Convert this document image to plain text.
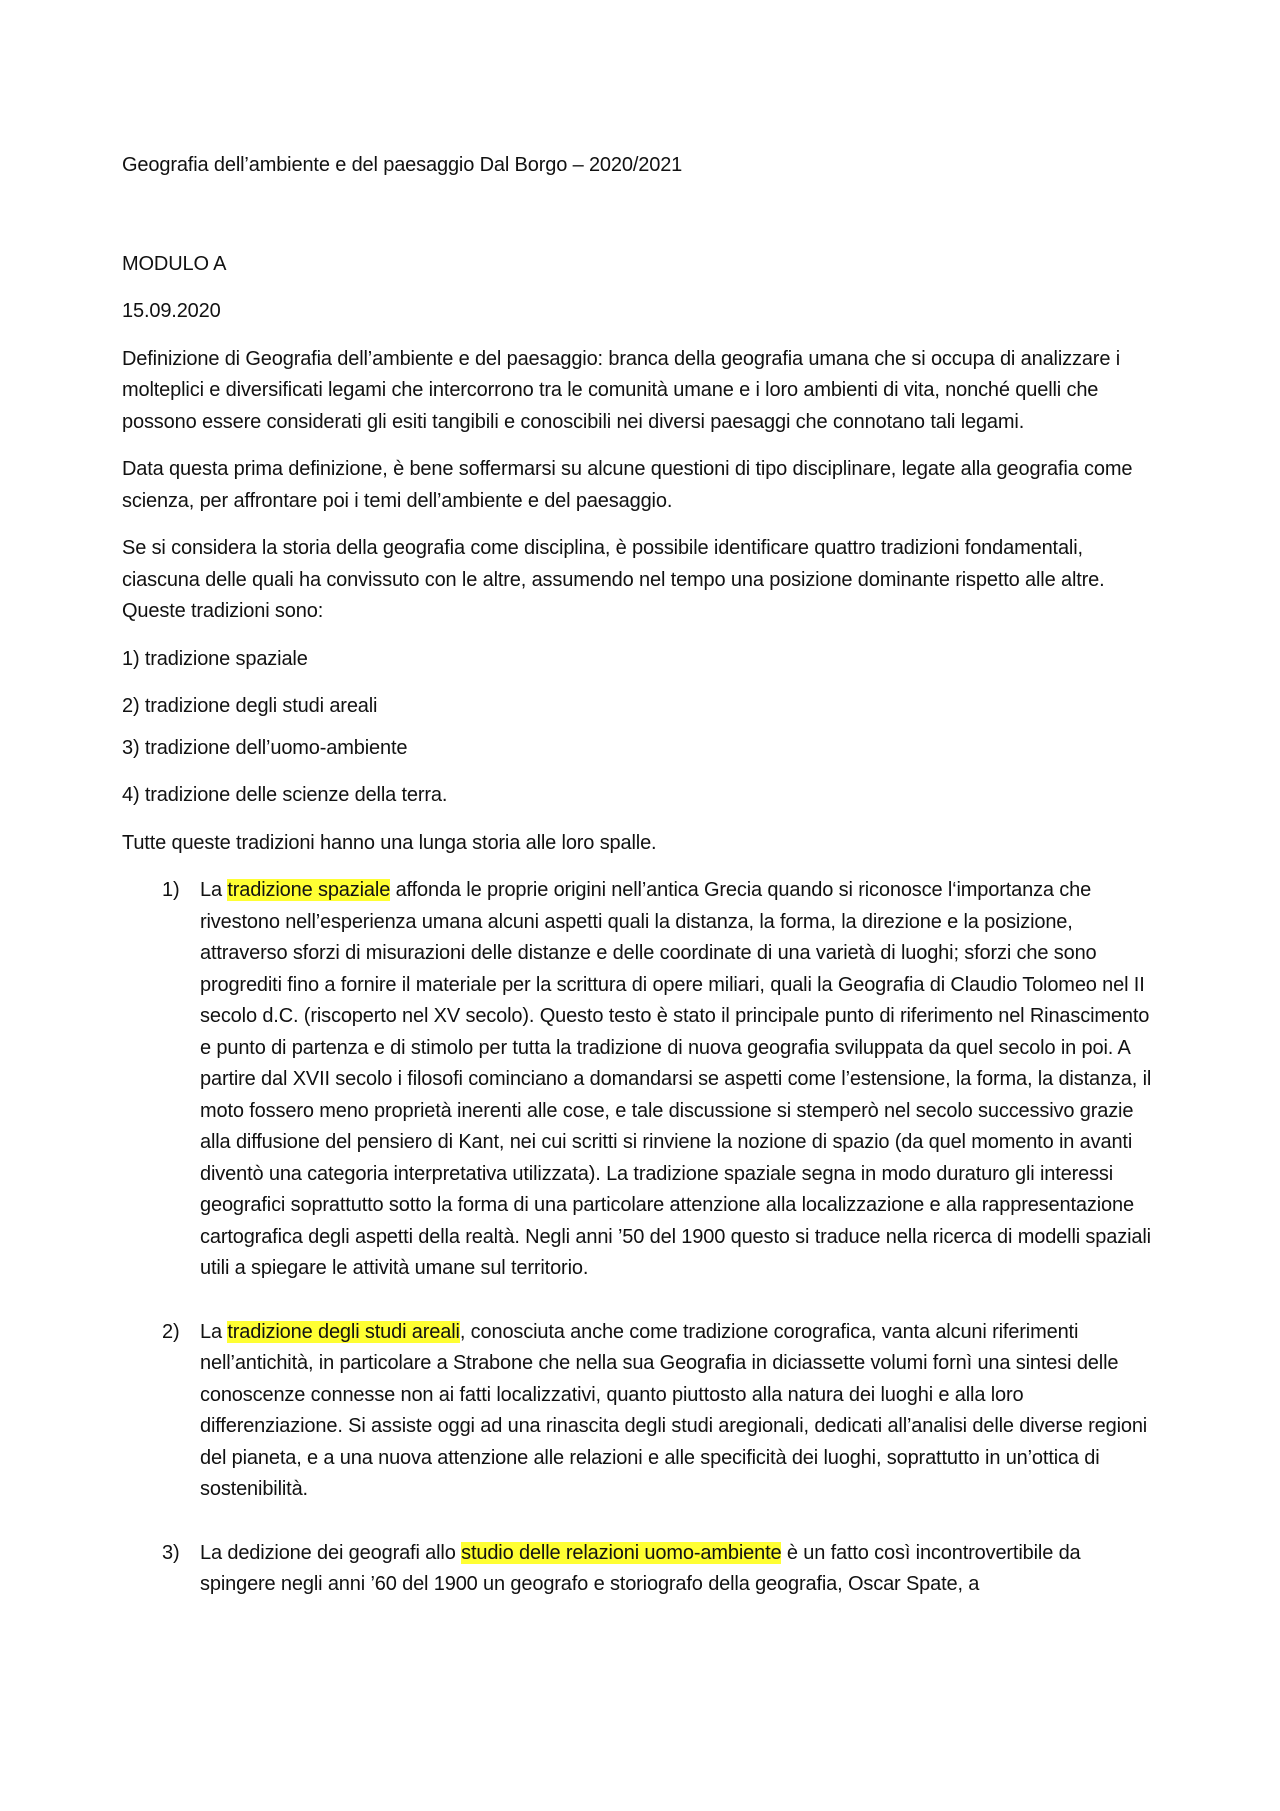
Geografia dell’ambiente e del paesaggio Dal Borgo – 2020/2021

MODULO A

15.09.2020

Definizione di Geografia dell’ambiente e del paesaggio: branca della geografia umana che si occupa di analizzare i molteplici e diversificati legami che intercorrono tra le comunità umane e i loro ambienti di vita, nonché quelli che possono essere considerati gli esiti tangibili e conoscibili nei diversi paesaggi che connotano tali legami.

Data questa prima definizione, è bene soffermarsi su alcune questioni di tipo disciplinare, legate alla geografia come scienza, per affrontare poi i temi dell’ambiente e del paesaggio.

Se si considera la storia della geografia come disciplina, è possibile identificare quattro tradizioni fondamentali, ciascuna delle quali ha convissuto con le altre, assumendo nel tempo una posizione dominante rispetto alle altre. Queste tradizioni sono:

1) tradizione spaziale

2) tradizione degli studi areali

3) tradizione dell’uomo-ambiente

4) tradizione delle scienze della terra.

Tutte queste tradizioni hanno una lunga storia alle loro spalle.

1) La tradizione spaziale affonda le proprie origini nell’antica Grecia quando si riconosce l‘importanza che rivestono nell’esperienza umana alcuni aspetti quali la distanza, la forma, la direzione e la posizione, attraverso sforzi di misurazioni delle distanze e delle coordinate di una varietà di luoghi; sforzi che sono progrediti fino a fornire il materiale per la scrittura di opere miliari, quali la Geografia di Claudio Tolomeo nel II secolo d.C. (riscoperto nel XV secolo). Questo testo è stato il principale punto di riferimento nel Rinascimento e punto di partenza e di stimolo per tutta la tradizione di nuova geografia sviluppata da quel secolo in poi. A partire dal XVII secolo i filosofi cominciano a domandarsi se aspetti come l’estensione, la forma, la distanza, il moto fossero meno proprietà inerenti alle cose, e tale discussione si stemperò nel secolo successivo grazie alla diffusione del pensiero di Kant, nei cui scritti si rinviene la nozione di spazio (da quel momento in avanti diventò una categoria interpretativa utilizzata). La tradizione spaziale segna in modo duraturo gli interessi geografici soprattutto sotto la forma di una particolare attenzione alla localizzazione e alla rappresentazione cartografica degli aspetti della realtà. Negli anni ’50 del 1900 questo si traduce nella ricerca di modelli spaziali utili a spiegare le attività umane sul territorio.
2) La tradizione degli studi areali, conosciuta anche come tradizione corografica, vanta alcuni riferimenti nell’antichità, in particolare a Strabone che nella sua Geografia in diciassette volumi fornì una sintesi delle conoscenze connesse non ai fatti localizzativi, quanto piuttosto alla natura dei luoghi e alla loro differenziazione. Si assiste oggi ad una rinascita degli studi aregionali, dedicati all’analisi delle diverse regioni del pianeta, e a una nuova attenzione alle relazioni e alle specificità dei luoghi, soprattutto in un’ottica di sostenibilità.
3) La dedizione dei geografi allo studio delle relazioni uomo-ambiente è un fatto così incontrovertibile da spingere negli anni ’60 del 1900 un geografo e storiografo della geografia, Oscar Spate, a
